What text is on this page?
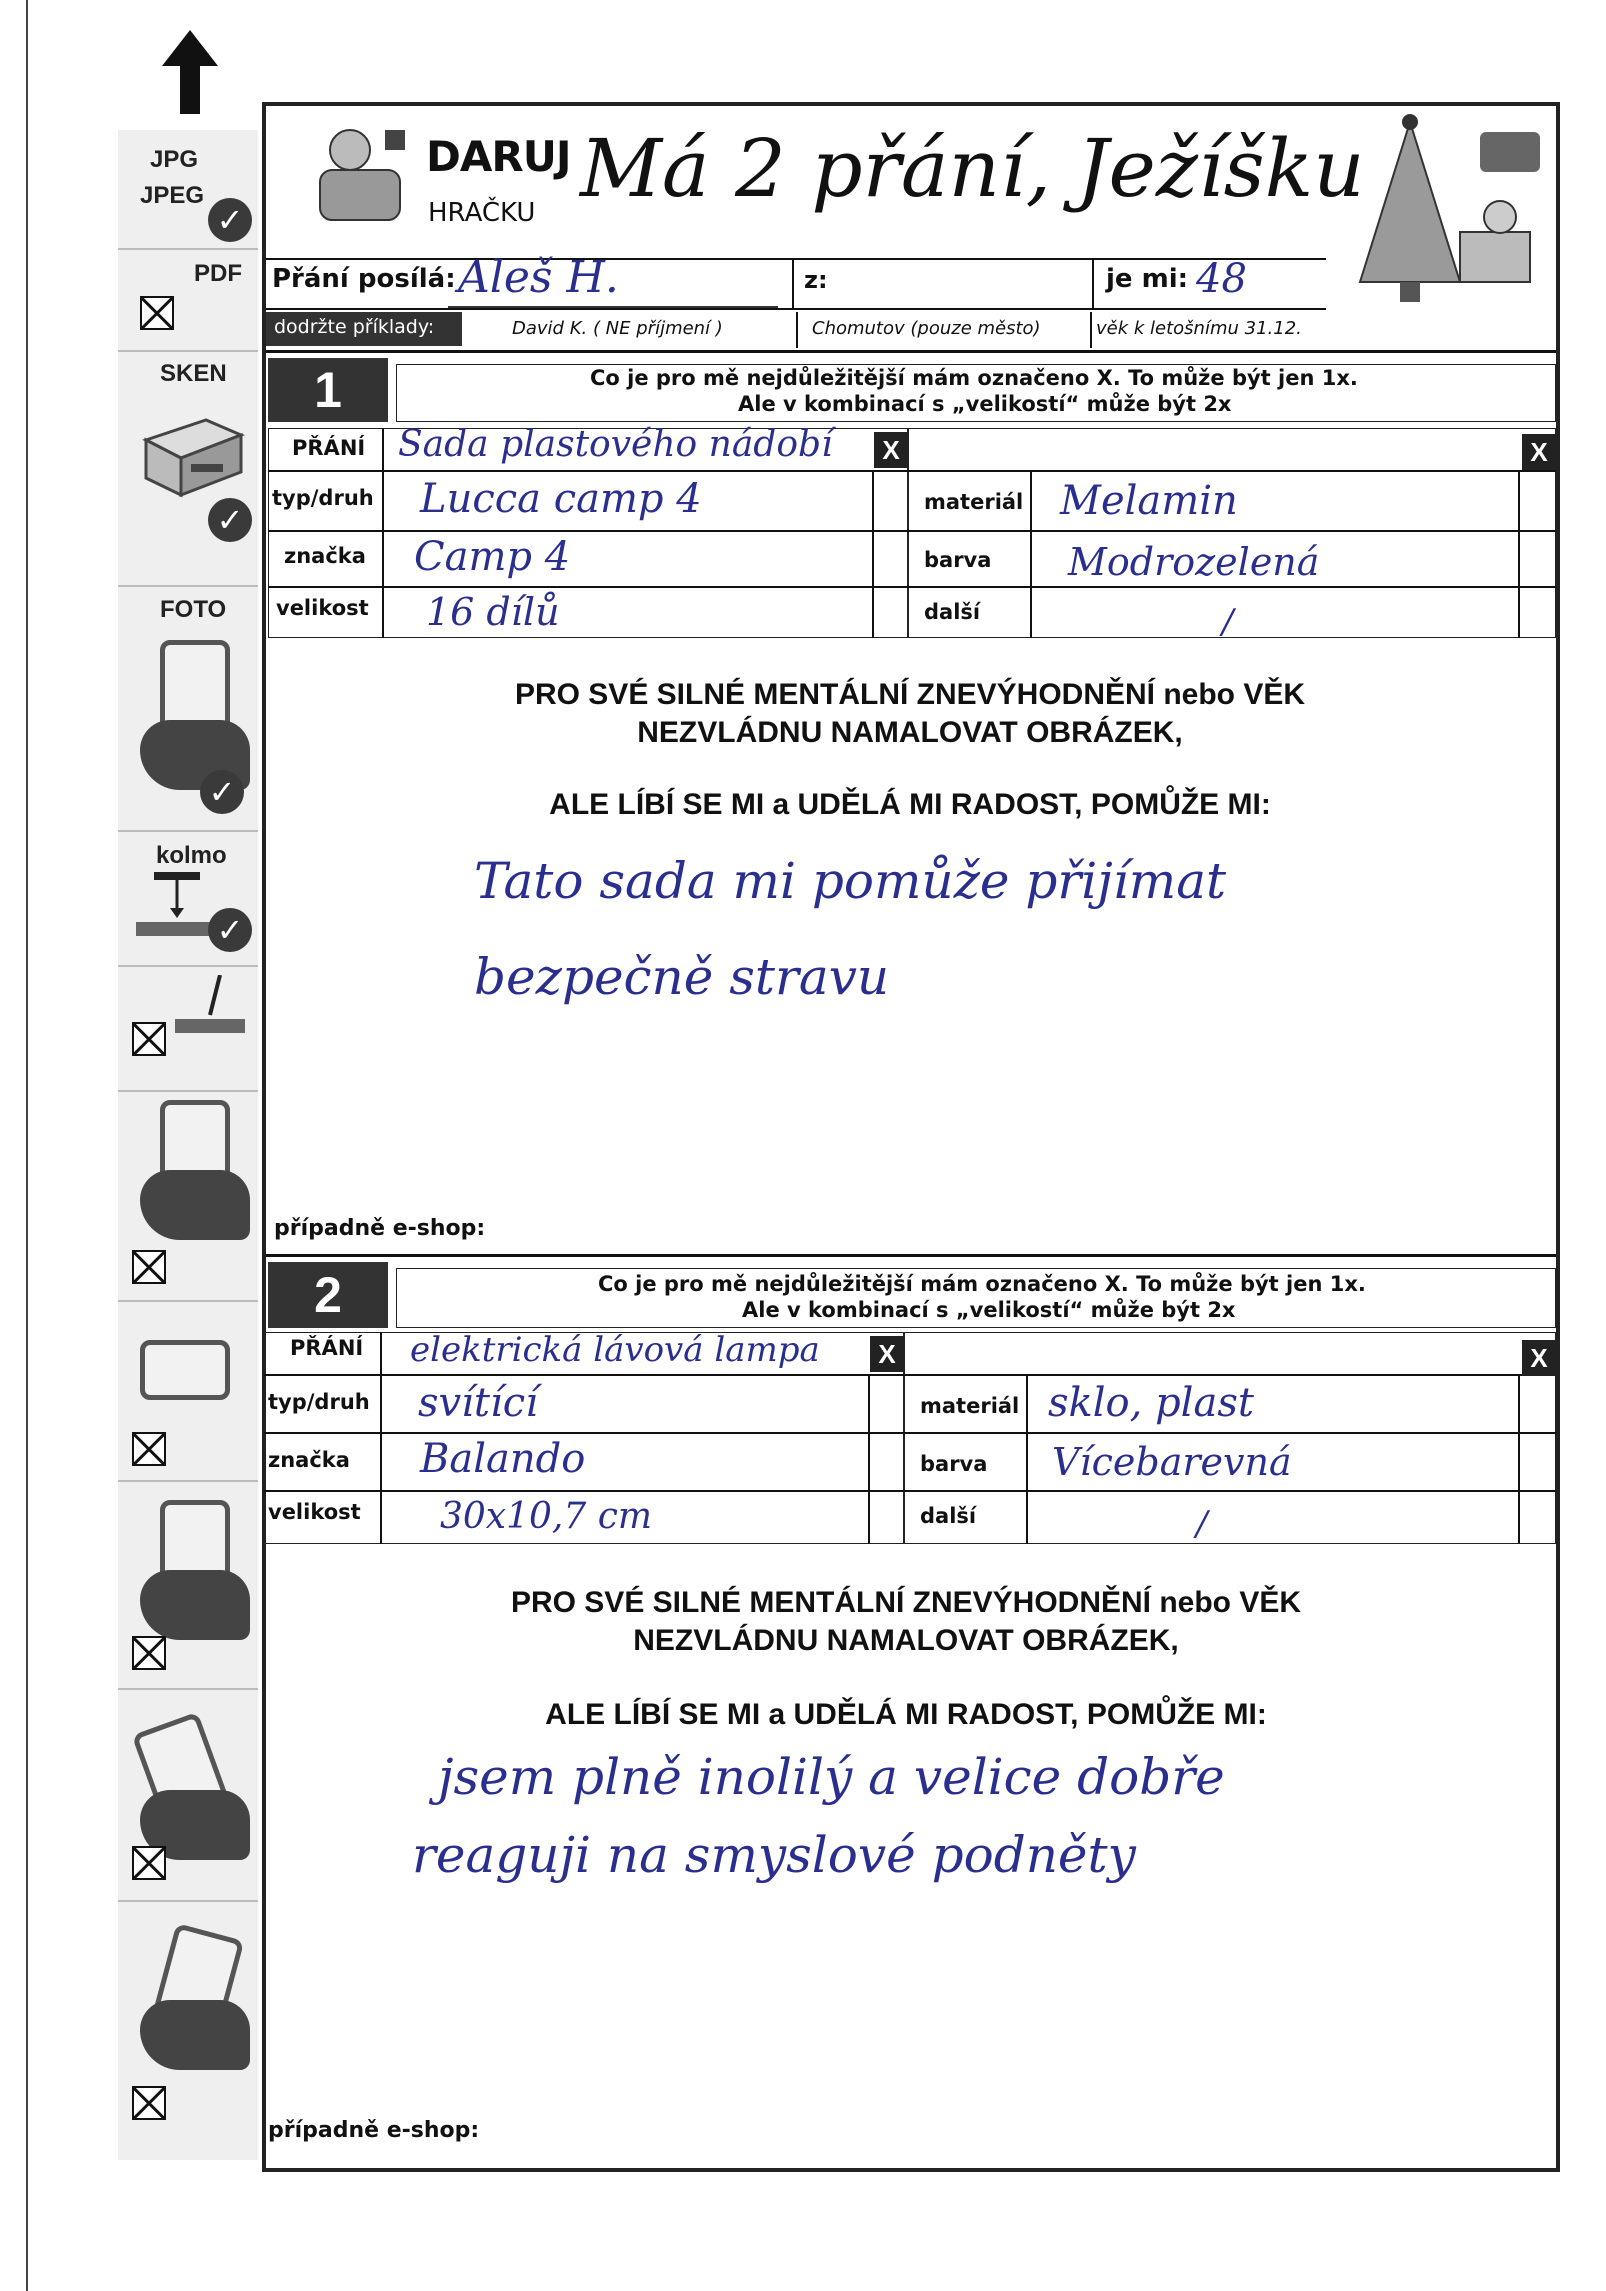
JPG
JPEG
✓
PDF
SKEN
✓
FOTO
✓
kolmo
✓
DARUJ
HRAČKU Má 2 přání, Ježíšku
Přání posílá: Aleš H.	z:	je mi: 48
dodržte příklady:	David K. ( NE příjmení )	Chomutov (pouze město)	věk k letošnímu 31.12.
1	Co je pro mě nejdůležitější mám označeno X. To může být jen 1x.
Ale v kombinací s „velikostí“ může být 2x
PŘÁNÍ Sada plastového nádobí	X	X
typ/druh Lucca camp 4	materiál Melamin
značka Camp 4	barva Modrozelená
velikost 16 dílů	další	/
PRO SVÉ SILNÉ MENTÁLNÍ ZNEVÝHODNĚNÍ nebo VĚK
NEZVLÁDNU NAMALOVAT OBRÁZEK,
ALE LÍBÍ SE MI a UDĚLÁ MI RADOST, POMŮŽE MI:
Tato sada mi pomůže přijímat
bezpečně stravu
případně e-shop:
2	Co je pro mě nejdůležitější mám označeno X. To může být jen 1x.
Ale v kombinací s „velikostí“ může být 2x
PŘÁNÍ elektrická lávová lampa	X	X
typ/druh svítící	materiál sklo, plast
značka Balando	barva Vícebarevná
velikost 30x10,7 cm	další	/
PRO SVÉ SILNÉ MENTÁLNÍ ZNEVÝHODNĚNÍ nebo VĚK
NEZVLÁDNU NAMALOVAT OBRÁZEK,
ALE LÍBÍ SE MI a UDĚLÁ MI RADOST, POMŮŽE MI:
jsem plně inolilý a velice dobře
reaguji na smyslové podněty
případně e-shop:
